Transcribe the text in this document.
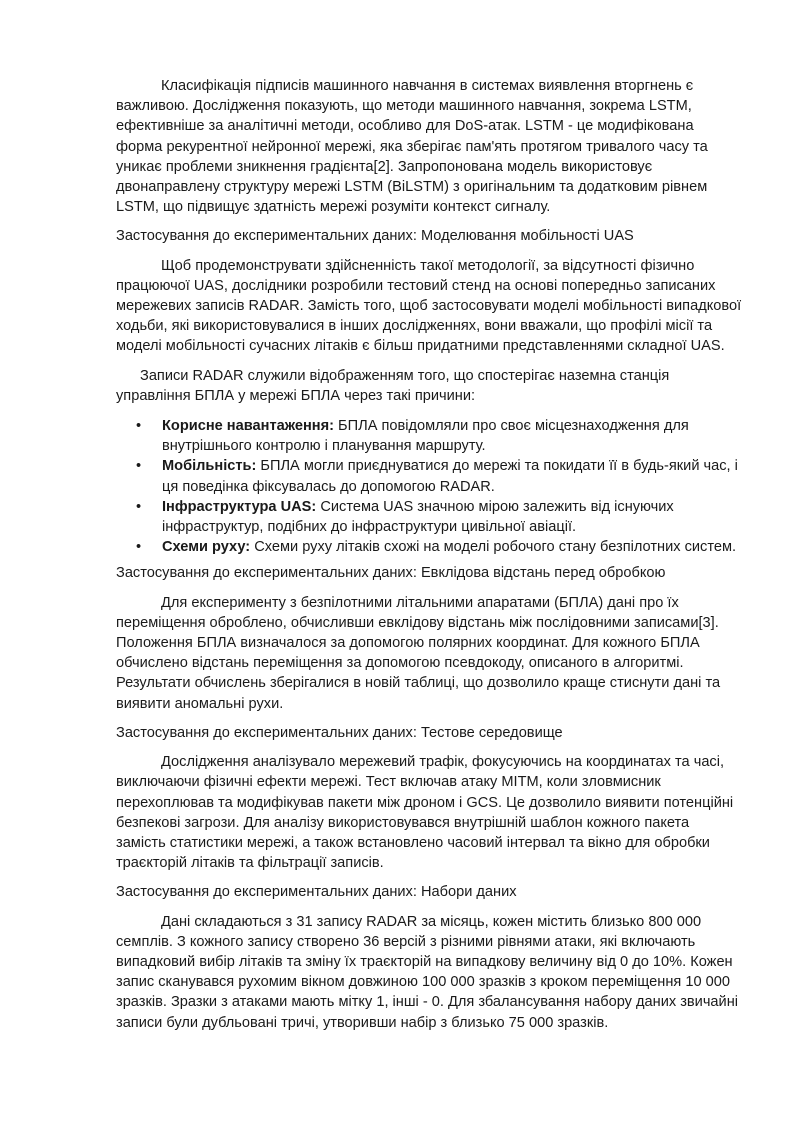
Класифікація підписів машинного навчання в системах виявлення вторгнень є важливою. Дослідження показують, що методи машинного навчання, зокрема LSTM, ефективніше за аналітичні методи, особливо для DoS-атак. LSTM - це модифікована форма рекурентної нейронної мережі, яка зберігає пам'ять протягом тривалого часу та уникає проблеми зникнення градієнта[2]. Запропонована модель використовує двонаправлену структуру мережі LSTM (BiLSTM) з оригінальним та додатковим рівнем LSTM, що підвищує здатність мережі розуміти контекст сигналу.

Застосування до експериментальних даних: Моделювання мобільності UAS

Щоб продемонструвати здійсненність такої методології, за відсутності фізично працюючої UAS, дослідники розробили тестовий стенд на основі попередньо записаних мережевих записів RADAR. Замість того, щоб застосовувати моделі мобільності випадкової ходьби, які використовувалися в інших дослідженнях, вони вважали, що профілі місії та моделі мобільності сучасних літаків є більш придатними представленнями складної UAS.

Записи RADAR служили відображенням того, що спостерігає наземна станція управління БПЛА у мережі БПЛА через такі причини:

• Корисне навантаження: БПЛА повідомляли про своє місцезнаходження для внутрішнього контролю і планування маршруту.
• Мобільність: БПЛА могли приєднуватися до мережі та покидати її в будь-який час, і ця поведінка фіксувалась до допомогою RADAR.
• Інфраструктура UAS: Система UAS значною мірою залежить від існуючих інфраструктур, подібних до інфраструктури цивільної авіації.
• Схеми руху: Схеми руху літаків схожі на моделі робочого стану безпілотних систем.

Застосування до експериментальних даних: Евклідова відстань перед обробкою

Для експерименту з безпілотними літальними апаратами (БПЛА) дані про їх переміщення оброблено, обчисливши евклідову відстань між послідовними записами[3]. Положення БПЛА визначалося за допомогою полярних координат. Для кожного БПЛА обчислено відстань переміщення за допомогою псевдокоду, описаного в алгоритмі. Результати обчислень зберігалися в новій таблиці, що дозволило краще стиснути дані та виявити аномальні рухи.

Застосування до експериментальних даних: Тестове середовище

Дослідження аналізувало мережевий трафік, фокусуючись на координатах та часі, виключаючи фізичні ефекти мережі. Тест включав атаку MITM, коли зловмисник перехоплював та модифікував пакети між дроном і GCS. Це дозволило виявити потенційні безпекові загрози. Для аналізу використовувався внутрішній шаблон кожного пакета замість статистики мережі, а також встановлено часовий інтервал та вікно для обробки траєкторій літаків та фільтрації записів.

Застосування до експериментальних даних: Набори даних

Дані складаються з 31 запису RADAR за місяць, кожен містить близько 800 000 семплів. З кожного запису створено 36 версій з різними рівнями атаки, які включають випадковий вибір літаків та зміну їх траєкторій на випадкову величину від 0 до 10%. Кожен запис сканувався рухомим вікном довжиною 100 000 зразків з кроком переміщення 10 000 зразків. Зразки з атаками мають мітку 1, інші - 0. Для збалансування набору даних звичайні записи були дубльовані тричі, утворивши набір з близько 75 000 зразків.
